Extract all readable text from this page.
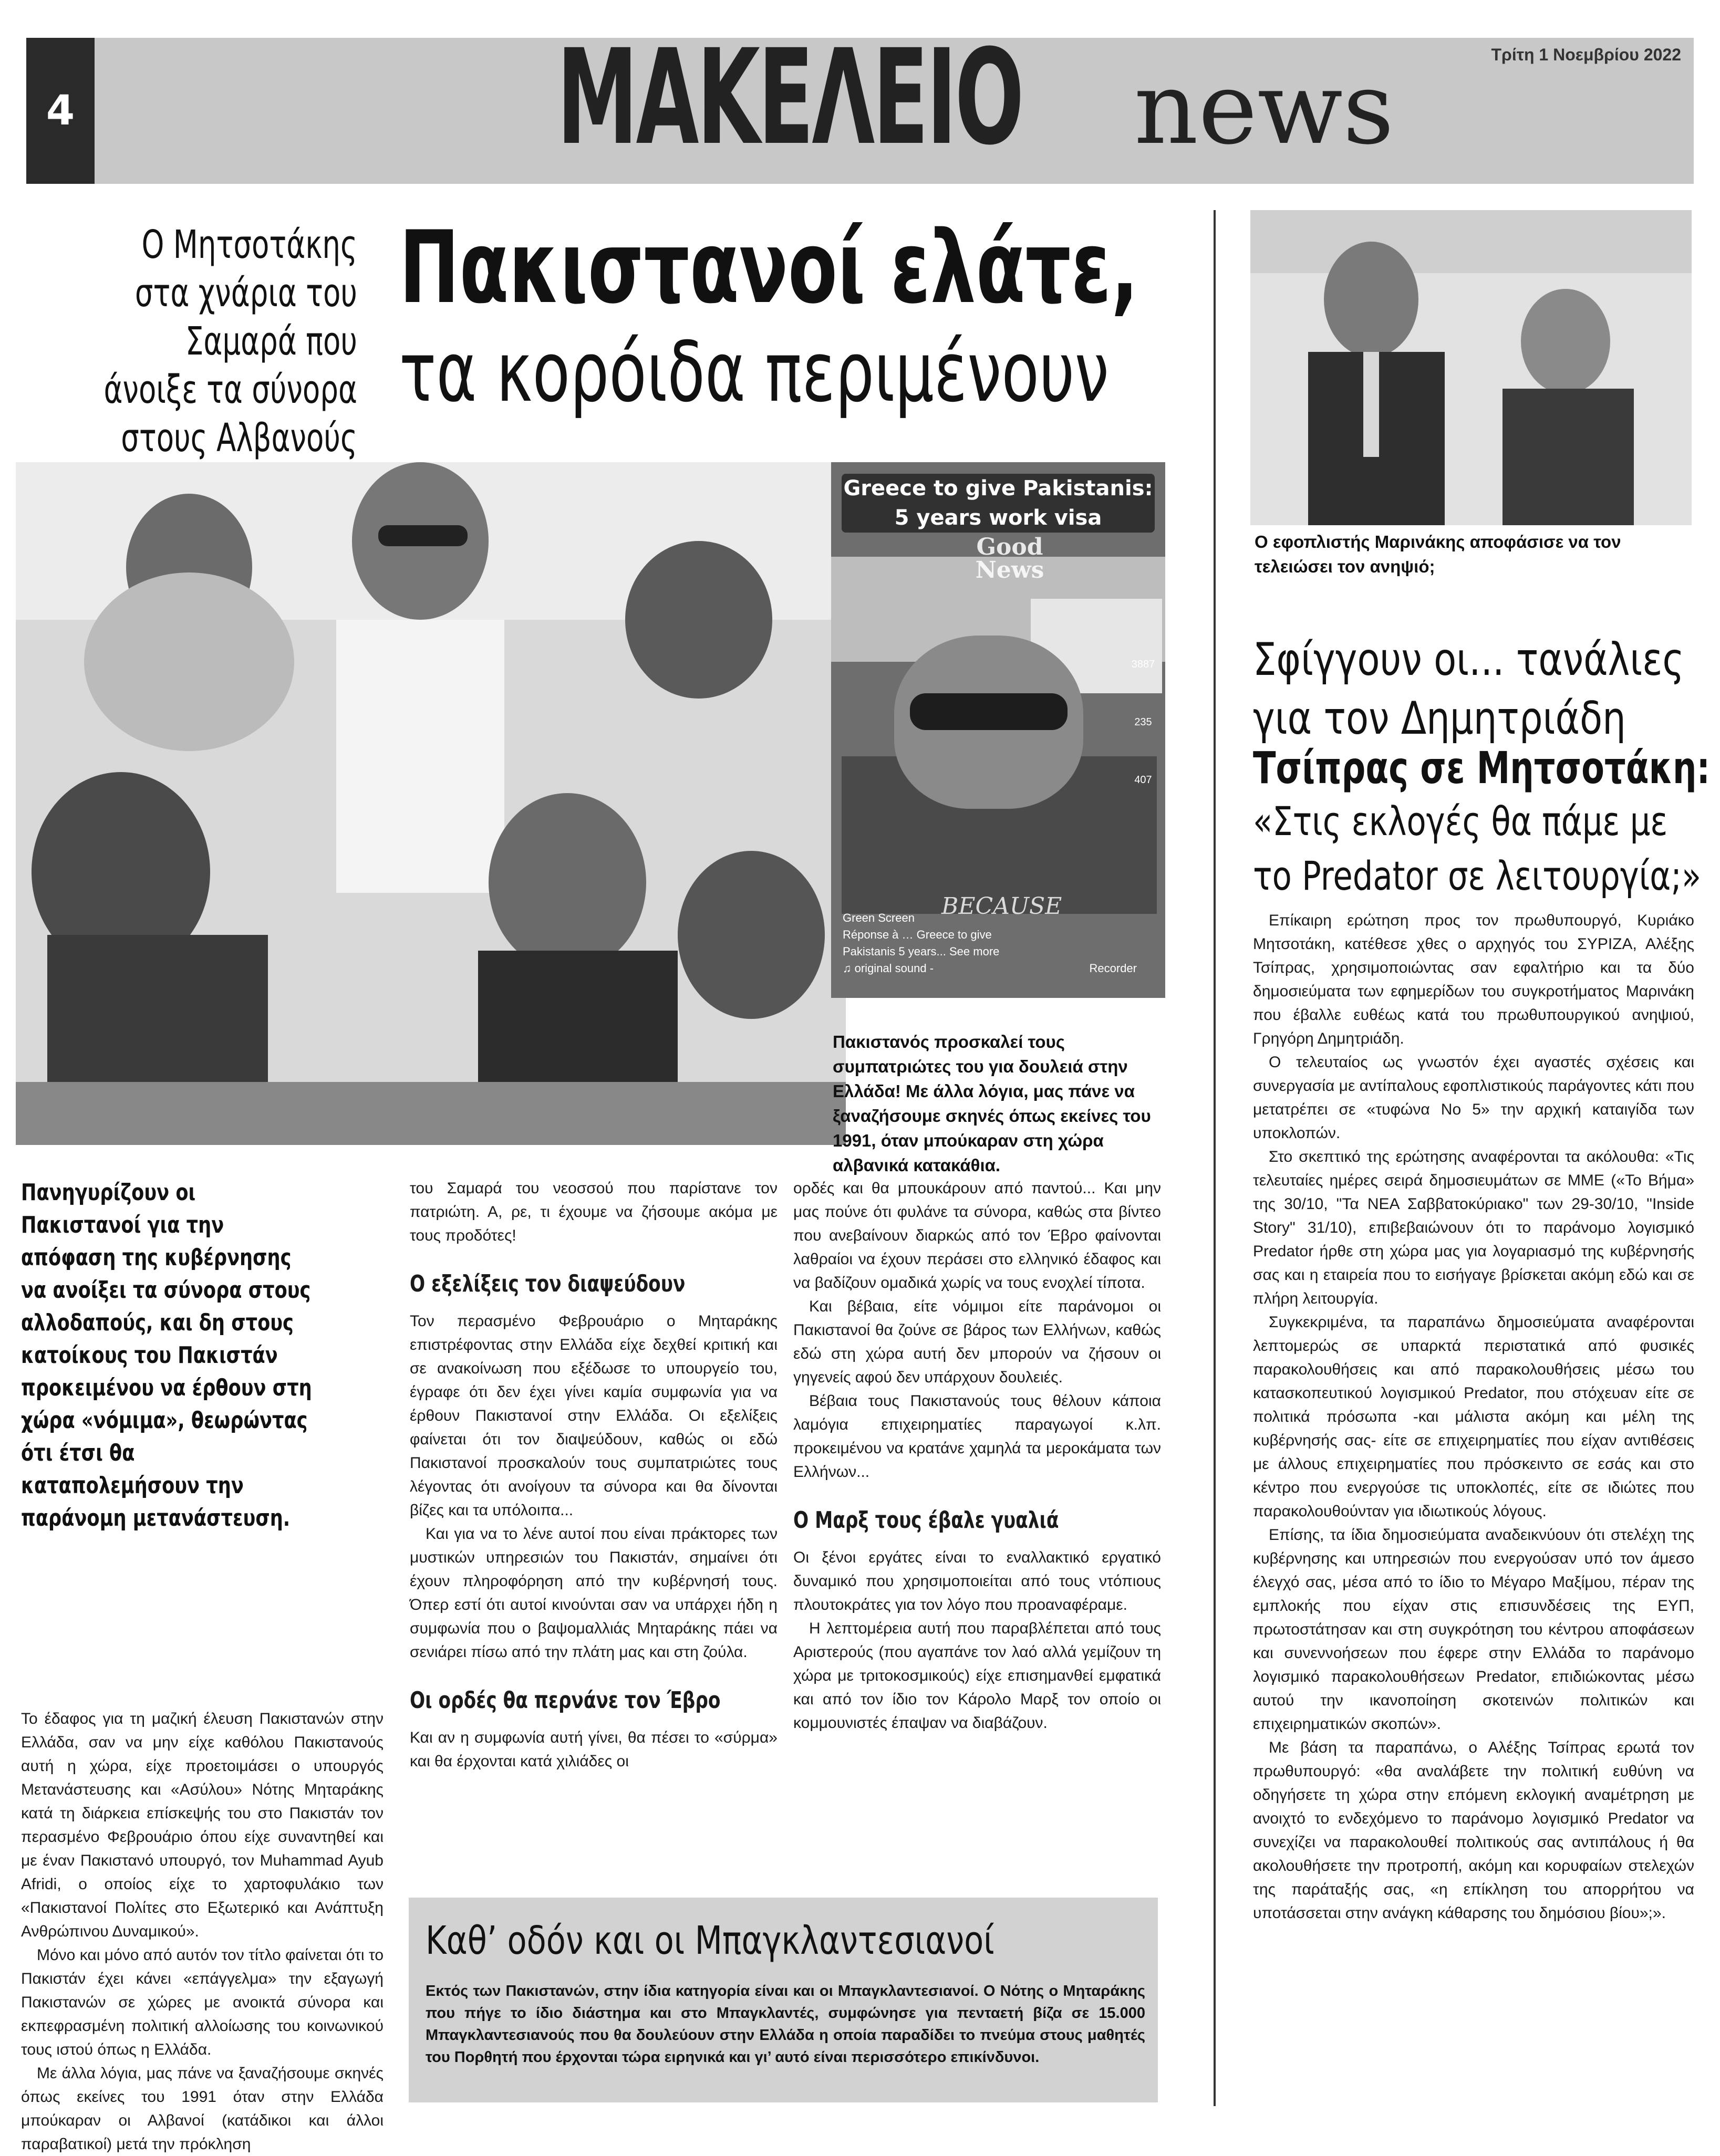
4	ΜΑΚΕΛΕΙΟ news	Τρίτη 1 Νοεμβρίου 2022
Ο Μητσοτάκης στα χνάρια του Σαμαρά που άνοιξε τα σύνορα στους Αλβανούς
Πακιστανοί ελάτε,
τα κορόιδα περιμένουν
Greece to give Pakistanis:
5 years work visa
Good News
BECAUSE
3887
235
407
Green Screen
Réponse à … Greece to give
Pakistanis 5 years... See more
♫ original sound -	Recorder
Πακιστανός προσκαλεί τους συμπατριώτες του για δουλειά στην Ελλάδα! Με άλλα λόγια, μας πάνε να ξαναζήσουμε σκηνές όπως εκείνες του 1991, όταν μπούκαραν στη χώρα αλβανικά κατακάθια.
Ο εφοπλιστής Μαρινάκης αποφάσισε να τον τελειώσει τον ανηψιό;
Σφίγγουν οι... τανάλιες
για τον Δημητριάδη
Τσίπρας σε Μητσοτάκη:
«Στις εκλογές θα πάμε με
το Predator σε λειτουργία;»
Πανηγυρίζουν οι Πακιστανοί για την απόφαση της κυβέρνησης να ανοίξει τα σύνορα στους αλλοδαπούς, και δη στους κατοίκους του Πακιστάν προκειμένου να έρθουν στη χώρα «νόμιμα», θεωρώντας ότι έτσι θα καταπολεμήσουν την παράνομη μετανάστευση.

Το έδαφος για τη μαζική έλευση Πακιστανών στην Ελλάδα, σαν να μην είχε καθόλου Πακιστανούς αυτή η χώρα, είχε προετοιμάσει ο υπουργός Μετανάστευσης και «Ασύλου» Νότης Μηταράκης κατά τη διάρκεια επίσκεψής του στο Πακιστάν τον περασμένο Φεβρουάριο όπου είχε συναντηθεί και με έναν Πακιστανό υπουργό, τον Muhammad Ayub Afridi, ο οποίος είχε το χαρτοφυλάκιο των «Πακιστανοί Πολίτες στο Εξωτερικό και Ανάπτυξη Ανθρώπινου Δυναμικού».

Μόνο και μόνο από αυτόν τον τίτλο φαίνεται ότι το Πακιστάν έχει κάνει «επάγγελμα» την εξαγωγή Πακιστανών σε χώρες με ανοικτά σύνορα και εκπεφρασμένη πολιτική αλλοίωσης του κοινωνικού τους ιστού όπως η Ελλάδα.

Με άλλα λόγια, μας πάνε να ξαναζήσουμε σκηνές όπως εκείνες του 1991 όταν στην Ελλάδα μπούκαραν οι Αλβανοί (κατάδικοι και άλλοι παραβατικοί) μετά την πρόκληση

του Σαμαρά του νεοσσού που παρίστανε τον πατριώτη. Α, ρε, τι έχουμε να ζήσουμε ακόμα με τους προδότες!

Ο εξελίξεις τον διαψεύδουν

Τον περασμένο Φεβρουάριο ο Μηταράκης επιστρέφοντας στην Ελλάδα είχε δεχθεί κριτική και σε ανακοίνωση που εξέδωσε το υπουργείο του, έγραφε ότι δεν έχει γίνει καμία συμφωνία για να έρθουν Πακιστανοί στην Ελλάδα. Οι εξελίξεις φαίνεται ότι τον διαψεύδουν, καθώς οι εδώ Πακιστανοί προσκαλούν τους συμπατριώτες τους λέγοντας ότι ανοίγουν τα σύνορα και θα δίνονται βίζες και τα υπόλοιπα...

Και για να το λένε αυτοί που είναι πράκτορες των μυστικών υπηρεσιών του Πακιστάν, σημαίνει ότι έχουν πληροφόρηση από την κυβέρνησή τους. Όπερ εστί ότι αυτοί κινούνται σαν να υπάρχει ήδη η συμφωνία που ο βαψομαλλιάς Μηταράκης πάει να σενιάρει πίσω από την πλάτη μας και στη ζούλα.

Οι ορδές θα περνάνε τον Έβρο

Και αν η συμφωνία αυτή γίνει, θα πέσει το «σύρμα» και θα έρχονται κατά χιλιάδες οι

ορδές και θα μπουκάρουν από παντού... Και μην μας πούνε ότι φυλάνε τα σύνορα, καθώς στα βίντεο που ανεβαίνουν διαρκώς από τον Έβρο φαίνονται λαθραίοι να έχουν περάσει στο ελληνικό έδαφος και να βαδίζουν ομαδικά χωρίς να τους ενοχλεί τίποτα.

Και βέβαια, είτε νόμιμοι είτε παράνομοι οι Πακιστανοί θα ζούνε σε βάρος των Ελλήνων, καθώς εδώ στη χώρα αυτή δεν μπορούν να ζήσουν οι γηγενείς αφού δεν υπάρχουν δουλειές.

Βέβαια τους Πακιστανούς τους θέλουν κάποια λαμόγια επιχειρηματίες παραγωγοί κ.λπ. προκειμένου να κρατάνε χαμηλά τα μεροκάματα των Ελλήνων...

Ο Μαρξ τους έβαλε γυαλιά

Οι ξένοι εργάτες είναι το εναλλακτικό εργατικό δυναμικό που χρησιμοποιείται από τους ντόπιους πλουτοκράτες για τον λόγο που προαναφέραμε.

Η λεπτομέρεια αυτή που παραβλέπεται από τους Αριστερούς (που αγαπάνε τον λαό αλλά γεμίζουν τη χώρα με τριτοκοσμικούς) είχε επισημανθεί εμφατικά και από τον ίδιο τον Κάρολο Μαρξ τον οποίο οι κομμουνιστές έπαψαν να διαβάζουν.

Επίκαιρη ερώτηση προς τον πρωθυπουργό, Κυριάκο Μητσοτάκη, κατέθεσε χθες ο αρχηγός του ΣΥΡΙΖΑ, Αλέξης Τσίπρας, χρησιμοποιώντας σαν εφαλτήριο και τα δύο δημοσιεύματα των εφημερίδων του συγκροτήματος Μαρινάκη που έβαλλε ευθέως κατά του πρωθυπουργικού ανηψιού, Γρηγόρη Δημητριάδη.

Ο τελευταίος ως γνωστόν έχει αγαστές σχέσεις και συνεργασία με αντίπαλους εφοπλιστικούς παράγοντες κάτι που μετατρέπει σε «τυφώνα Νο 5» την αρχική καταιγίδα των υποκλοπών.

Στο σκεπτικό της ερώτησης αναφέρονται τα ακόλουθα: «Τις τελευταίες ημέρες σειρά δημοσιευμάτων σε ΜΜΕ («Το Βήμα» της 30/10, "Τα ΝΕΑ Σαββατοκύριακο" των 29-30/10, "Inside Story" 31/10), επιβεβαιώνουν ότι το παράνομο λογισμικό Predator ήρθε στη χώρα μας για λογαριασμό της κυβέρνησής σας και η εταιρεία που το εισήγαγε βρίσκεται ακόμη εδώ και σε πλήρη λειτουργία.

Συγκεκριμένα, τα παραπάνω δημοσιεύματα αναφέρονται λεπτομερώς σε υπαρκτά περιστατικά από φυσικές παρακολουθήσεις και από παρακολουθήσεις μέσω του κατασκοπευτικού λογισμικού Predator, που στόχευαν είτε σε πολιτικά πρόσωπα -και μάλιστα ακόμη και μέλη της κυβέρνησής σας- είτε σε επιχειρηματίες που είχαν αντιθέσεις με άλλους επιχειρηματίες που πρόσκειντο σε εσάς και στο κέντρο που ενεργούσε τις υποκλοπές, είτε σε ιδιώτες που παρακολουθούνταν για ιδιωτικούς λόγους.

Επίσης, τα ίδια δημοσιεύματα αναδεικνύουν ότι στελέχη της κυβέρνησης και υπηρεσιών που ενεργούσαν υπό τον άμεσο έλεγχό σας, μέσα από το ίδιο το Μέγαρο Μαξίμου, πέραν της εμπλοκής που είχαν στις επισυνδέσεις της ΕΥΠ, πρωτοστάτησαν και στη συγκρότηση του κέντρου αποφάσεων και συνεννοήσεων που έφερε στην Ελλάδα το παράνομο λογισμικό παρακολουθήσεων Predator, επιδιώκοντας μέσω αυτού την ικανοποίηση σκοτεινών πολιτικών και επιχειρηματικών σκοπών».

Με βάση τα παραπάνω, ο Αλέξης Τσίπρας ερωτά τον πρωθυπουργό: «θα αναλάβετε την πολιτική ευθύνη να οδηγήσετε τη χώρα στην επόμενη εκλογική αναμέτρηση με ανοιχτό το ενδεχόμενο το παράνομο λογισμικό Predator να συνεχίζει να παρακολουθεί πολιτικούς σας αντιπάλους ή θα ακολουθήσετε την προτροπή, ακόμη και κορυφαίων στελεχών της παράταξής σας, «η επίκληση του απορρήτου να υποτάσσεται στην ανάγκη κάθαρσης του δημόσιου βίου»;».

Καθ’ οδόν και οι Μπαγκλαντεσιανοί
Εκτός των Πακιστανών, στην ίδια κατηγορία είναι και οι Μπαγκλαντεσιανοί. Ο Νότης ο Μηταράκης που πήγε το ίδιο διάστημα και στο Μπαγκλαντές, συμφώνησε για πενταετή βίζα σε 15.000 Μπαγκλαντεσιανούς που θα δουλεύουν στην Ελλάδα η οποία παραδίδει το πνεύμα στους μαθητές του Πορθητή που έρχονται τώρα ειρηνικά και γι’ αυτό είναι περισσότερο επικίνδυνοι.
